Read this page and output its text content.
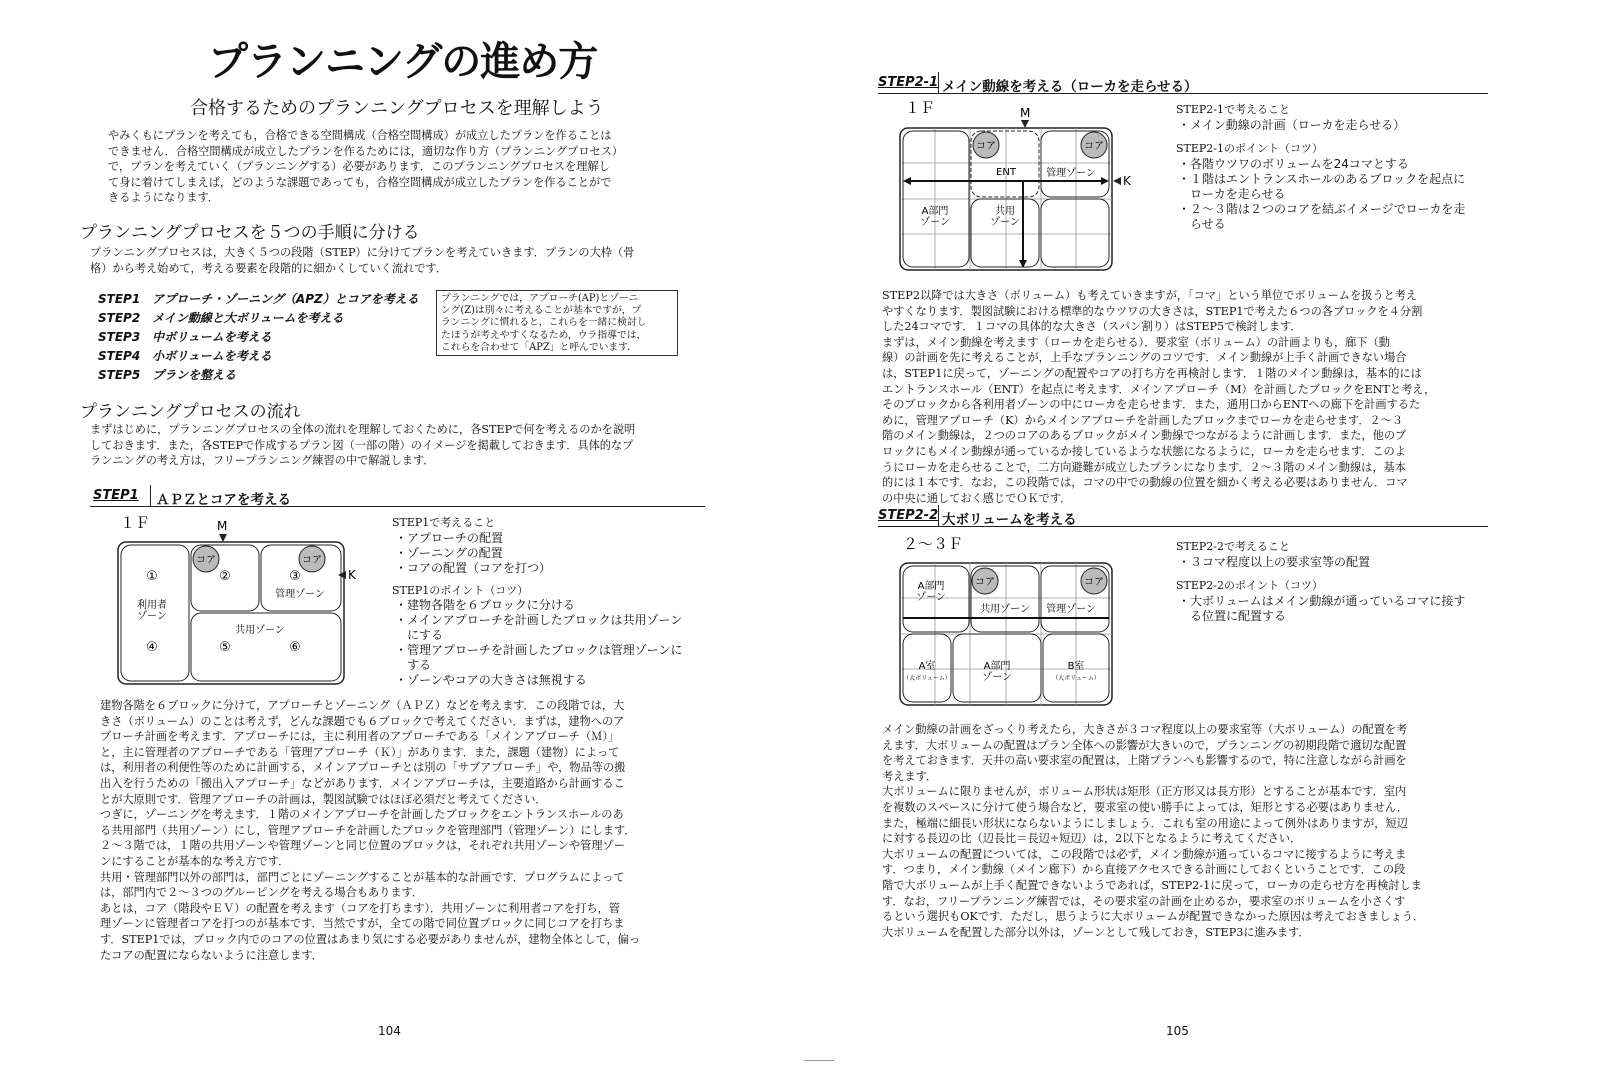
プランニングの進め方
合格するためのプランニングプロセスを理解しよう
やみくもにプランを考えても，合格できる空間構成（合格空間構成）が成立したプランを作ることは
できません．合格空間構成が成立したプランを作るためには，適切な作り方（プランニングプロセス）
で，プランを考えていく（プランニングする）必要があります．このプランニングプロセスを理解し
て身に着けてしまえば，どのような課題であっても，合格空間構成が成立したプランを作ることがで
きるようになります．
プランニングプロセスを５つの手順に分ける
プランニングプロセスは，大きく５つの段階（STEP）に分けてプランを考えていきます．プランの大枠（骨
格）から考え始めて，考える要素を段階的に細かくしていく流れです．
STEP1　アプローチ・ゾーニング（APZ）とコアを考える
STEP2　メイン動線と大ボリュームを考える
STEP3　中ボリュームを考える
STEP4　小ボリュームを考える
STEP5　プランを整える
プランニングでは，アプローチ(AP)とゾーニ
ング(Z)は別々に考えることが基本ですが，プ
ランニングに慣れると，これらを一緒に検討し
たほうが考えやすくなるため，ウラ指導では，
これらを合わせて「APZ」と呼んでいます．
プランニングプロセスの流れ
まずはじめに，プランニングプロセスの全体の流れを理解しておくために，各STEPで何を考えるのかを説明
しておきます．また，各STEPで作成するプラン図（一部の階）のイメージを掲載しておきます．具体的なプ
ランニングの考え方は，フリープランニング練習の中で解説します．
STEP1 ＡＰＺとコアを考える
１Ｆ	M
コア	コア
K
①	②	③
利用者
ゾーン
管理ゾーン
共用ゾーン
④	⑤	⑥
STEP1で考えること
・アプローチの配置
・ゾーニングの配置
・コアの配置（コアを打つ）
STEP1のポイント（コツ）
・建物各階を６ブロックに分ける
・メインアプローチを計画したブロックは共用ゾーン
　にする
・管理アプローチを計画したブロックは管理ゾーンに
　する
・ゾーンやコアの大きさは無視する
建物各階を６ブロックに分けて，アプローチとゾーニング（ＡＰＺ）などを考えます．この段階では，大
きさ（ボリューム）のことは考えず，どんな課題でも６ブロックで考えてください．まずは，建物へのア
プローチ計画を考えます．アプローチには，主に利用者のアプローチである「メインアプローチ（Ｍ）」
と，主に管理者のアプローチである「管理アプローチ（Ｋ）」があります．また，課題（建物）によって
は，利用者の利便性等のために計画する，メインアプローチとは別の「サブアプローチ」や，物品等の搬
出入を行うための「搬出入アプローチ」などがあります．メインアプローチは，主要道路から計画するこ
とが大原則です．管理アプローチの計画は，製図試験ではほぼ必須だと考えてください．
つぎに，ゾーニングを考えます．１階のメインアプローチを計画したブロックをエントランスホールのあ
る共用部門（共用ゾーン）にし，管理アプローチを計画したブロックを管理部門（管理ゾーン）にします．
２～３階では，１階の共用ゾーンや管理ゾーンと同じ位置のブロックは，それぞれ共用ゾーンや管理ゾー
ンにすることが基本的な考え方です．
共用・管理部門以外の部門は，部門ごとにゾーニングすることが基本的な計画です．プログラムによって
は，部門内で２～３つのグルーピングを考える場合もあります．
あとは，コア（階段やＥＶ）の配置を考えます（コアを打ちます）．共用ゾーンに利用者コアを打ち，管
理ゾーンに管理者コアを打つのが基本です．当然ですが，全ての階で同位置ブロックに同じコアを打ちま
す．STEP1では，ブロック内でのコアの位置はあまり気にする必要がありませんが，建物全体として，偏っ
たコアの配置にならないように注意します．
104
STEP2-1 メイン動線を考える（ローカを走らせる）
１Ｆ	M
コア	コア
ENT	管理ゾーン
K
A部門
ゾーン
共用
ゾーン
STEP2-1で考えること
・メイン動線の計画（ローカを走らせる）
STEP2-1のポイント（コツ）
・各階ウツワのボリュームを24コマとする
・１階はエントランスホールのあるブロックを起点に
　ローカを走らせる
・２～３階は２つのコアを結ぶイメージでローカを走
　らせる
STEP2以降では大きさ（ボリューム）も考えていきますが，「コマ」という単位でボリュームを扱うと考え
やすくなります．製図試験における標準的なウツワの大きさは，STEP1で考えた６つの各ブロックを４分割
した24コマです．１コマの具体的な大きさ（スパン割り）はSTEP5で検討します．
まずは，メイン動線を考えます（ローカを走らせる）．要求室（ボリューム）の計画よりも，廊下（動
線）の計画を先に考えることが，上手なプランニングのコツです．メイン動線が上手く計画できない場合
は，STEP1に戻って，ゾーニングの配置やコアの打ち方を再検討します．１階のメイン動線は，基本的には
エントランスホール（ENT）を起点に考えます．メインアプローチ（M）を計画したブロックをENTと考え，
そのブロックから各利用者ゾーンの中にローカを走らせます．また，通用口からENTへの廊下を計画するた
めに，管理アプローチ（K）からメインアプローチを計画したブロックまでローカを走らせます．２～３
階のメイン動線は，２つのコアのあるブロックがメイン動線でつながるように計画します．また，他のブ
ロックにもメイン動線が通っているか接しているような状態になるように，ローカを走らせます．このよ
うにローカを走らせることで，二方向避難が成立したプランになります．２～３階のメイン動線は，基本
的には１本です．なお，この段階では，コマの中での動線の位置を細かく考える必要はありません．コマ
の中央に通しておく感じでＯＫです．
STEP2-2 大ボリュームを考える
２～３Ｆ
コア	コア
A部門
ゾーン
共用ゾーン 管理ゾーン
A室
（大ボリューム）
A部門
ゾーン
B室
（大ボリューム）
STEP2-2で考えること
・３コマ程度以上の要求室等の配置
STEP2-2のポイント（コツ）
・大ボリュームはメイン動線が通っているコマに接す
　る位置に配置する
メイン動線の計画をざっくり考えたら，大きさが３コマ程度以上の要求室等（大ボリューム）の配置を考
えます．大ボリュームの配置はプラン全体への影響が大きいので，プランニングの初期段階で適切な配置
を考えておきます．天井の高い要求室の配置は，上階プランへも影響するので，特に注意しながら計画を
考えます．
大ボリュームに限りませんが，ボリューム形状は矩形（正方形又は長方形）とすることが基本です．室内
を複数のスペースに分けて使う場合など，要求室の使い勝手によっては，矩形とする必要はありません．
また，極端に細長い形状にならないようにしましょう．これも室の用途によって例外はありますが，短辺
に対する長辺の比（辺長比＝長辺÷短辺）は，2以下となるように考えてください．
大ボリュームの配置については，この段階では必ず，メイン動線が通っているコマに接するように考えま
す．つまり，メイン動線（メイン廊下）から直接アクセスできる計画にしておくということです．この段
階で大ボリュームが上手く配置できないようであれば，STEP2-1に戻って，ローカの走らせ方を再検討しま
す．なお，フリープランニング練習では，その要求室の計画を止めるか，要求室のボリュームを小さくす
るという選択もOKです．ただし，思うように大ボリュームが配置できなかった原因は考えておきましょう．
大ボリュームを配置した部分以外は，ゾーンとして残しておき，STEP3に進みます．
105
